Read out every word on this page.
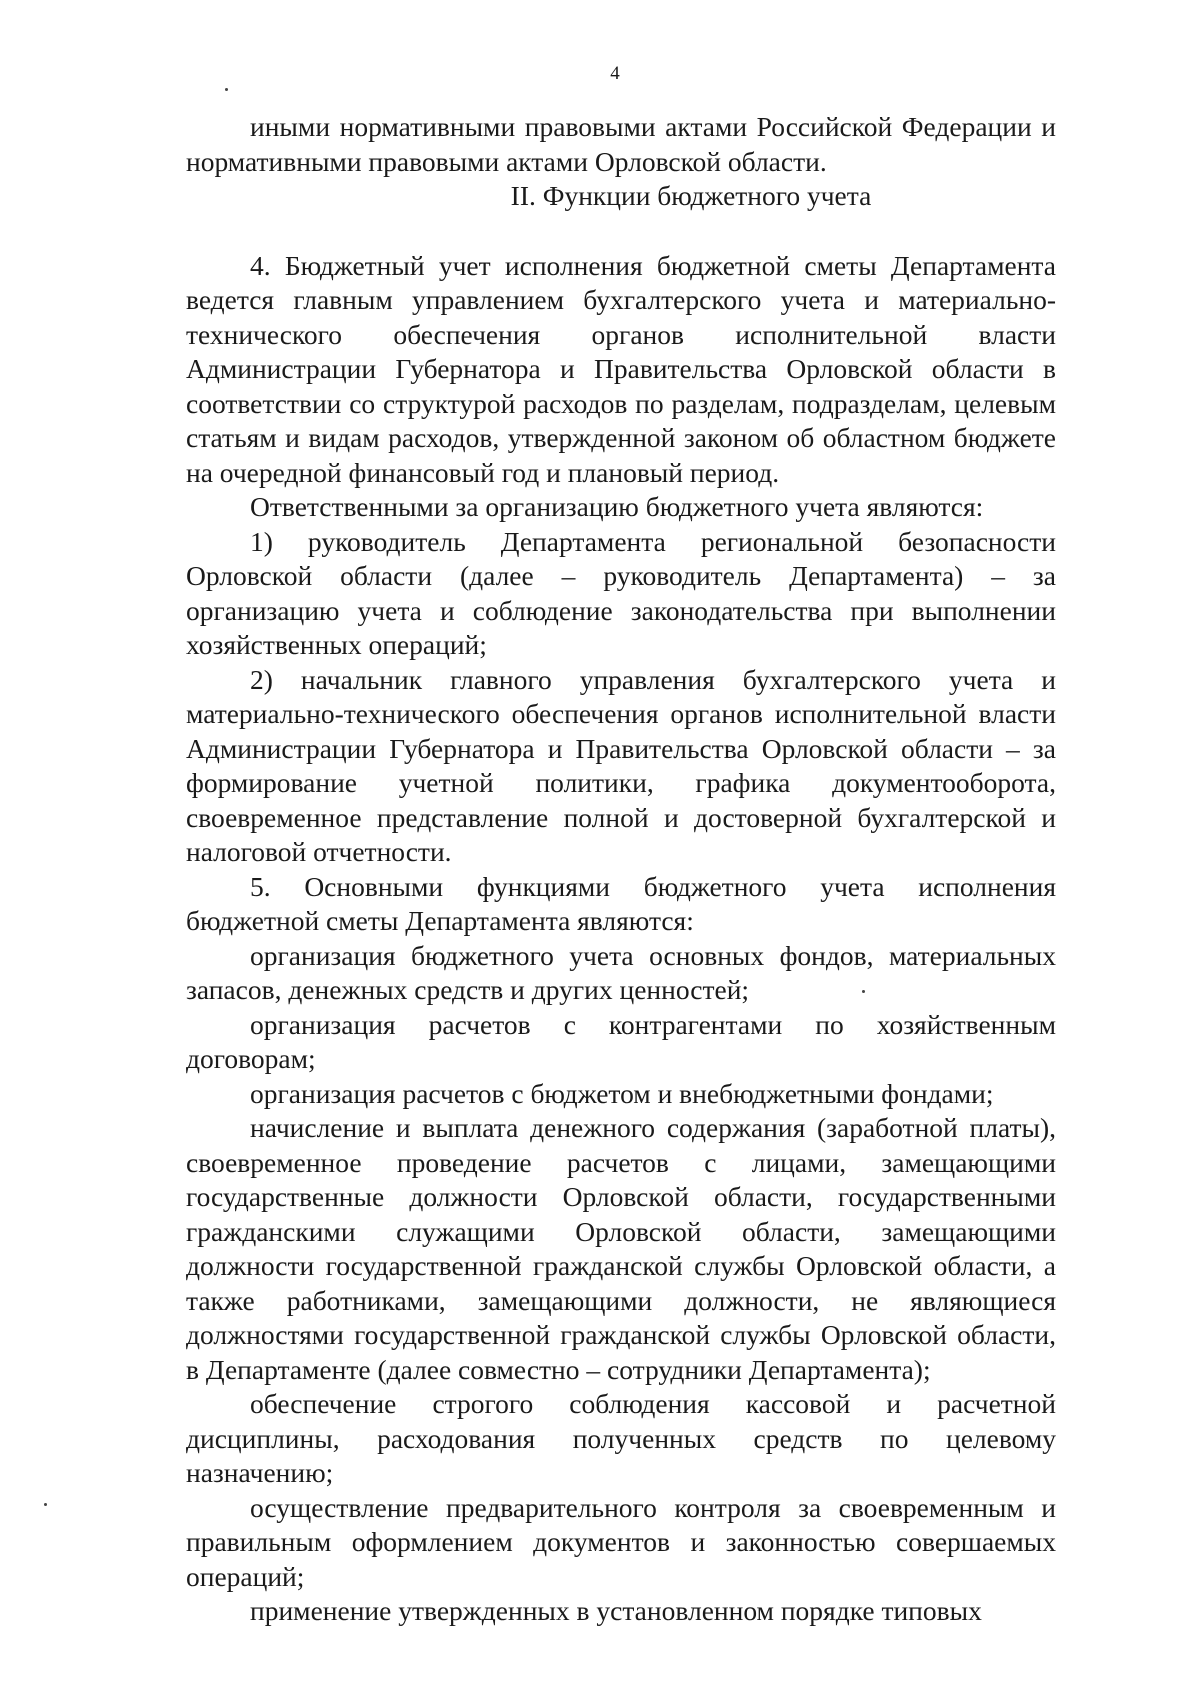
4

иными нормативными правовыми актами Российской Федерации и нормативными правовыми актами Орловской области.

II. Функции бюджетного учета

4. Бюджетный учет исполнения бюджетной сметы Департамента ведется главным управлением бухгалтерского учета и материально-технического обеспечения органов исполнительной власти Администрации Губернатора и Правительства Орловской области в соответствии со структурой расходов по разделам, подразделам, целевым статьям и видам расходов, утвержденной законом об областном бюджете на очередной финансовый год и плановый период.

Ответственными за организацию бюджетного учета являются:

1) руководитель Департамента региональной безопасности Орловской области (далее – руководитель Департамента) – за организацию учета и соблюдение законодательства при выполнении хозяйственных операций;

2) начальник главного управления бухгалтерского учета и материально-технического обеспечения органов исполнительной власти Администрации Губернатора и Правительства Орловской области – за формирование учетной политики, графика документооборота, своевременное представление полной и достоверной бухгалтерской и налоговой отчетности.

5. Основными функциями бюджетного учета исполнения бюджетной сметы Департамента являются:

организация бюджетного учета основных фондов, материальных запасов, денежных средств и других ценностей;

организация расчетов с контрагентами по хозяйственным договорам;

организация расчетов с бюджетом и внебюджетными фондами;

начисление и выплата денежного содержания (заработной платы), своевременное проведение расчетов с лицами, замещающими государственные должности Орловской области, государственными гражданскими служащими Орловской области, замещающими должности государственной гражданской службы Орловской области, а также работниками, замещающими должности, не являющиеся должностями государственной гражданской службы Орловской области, в Департаменте (далее совместно – сотрудники Департамента);

обеспечение строгого соблюдения кассовой и расчетной дисциплины, расходования полученных средств по целевому назначению;

осуществление предварительного контроля за своевременным и правильным оформлением документов и законностью совершаемых операций;

применение утвержденных в установленном порядке типовых
